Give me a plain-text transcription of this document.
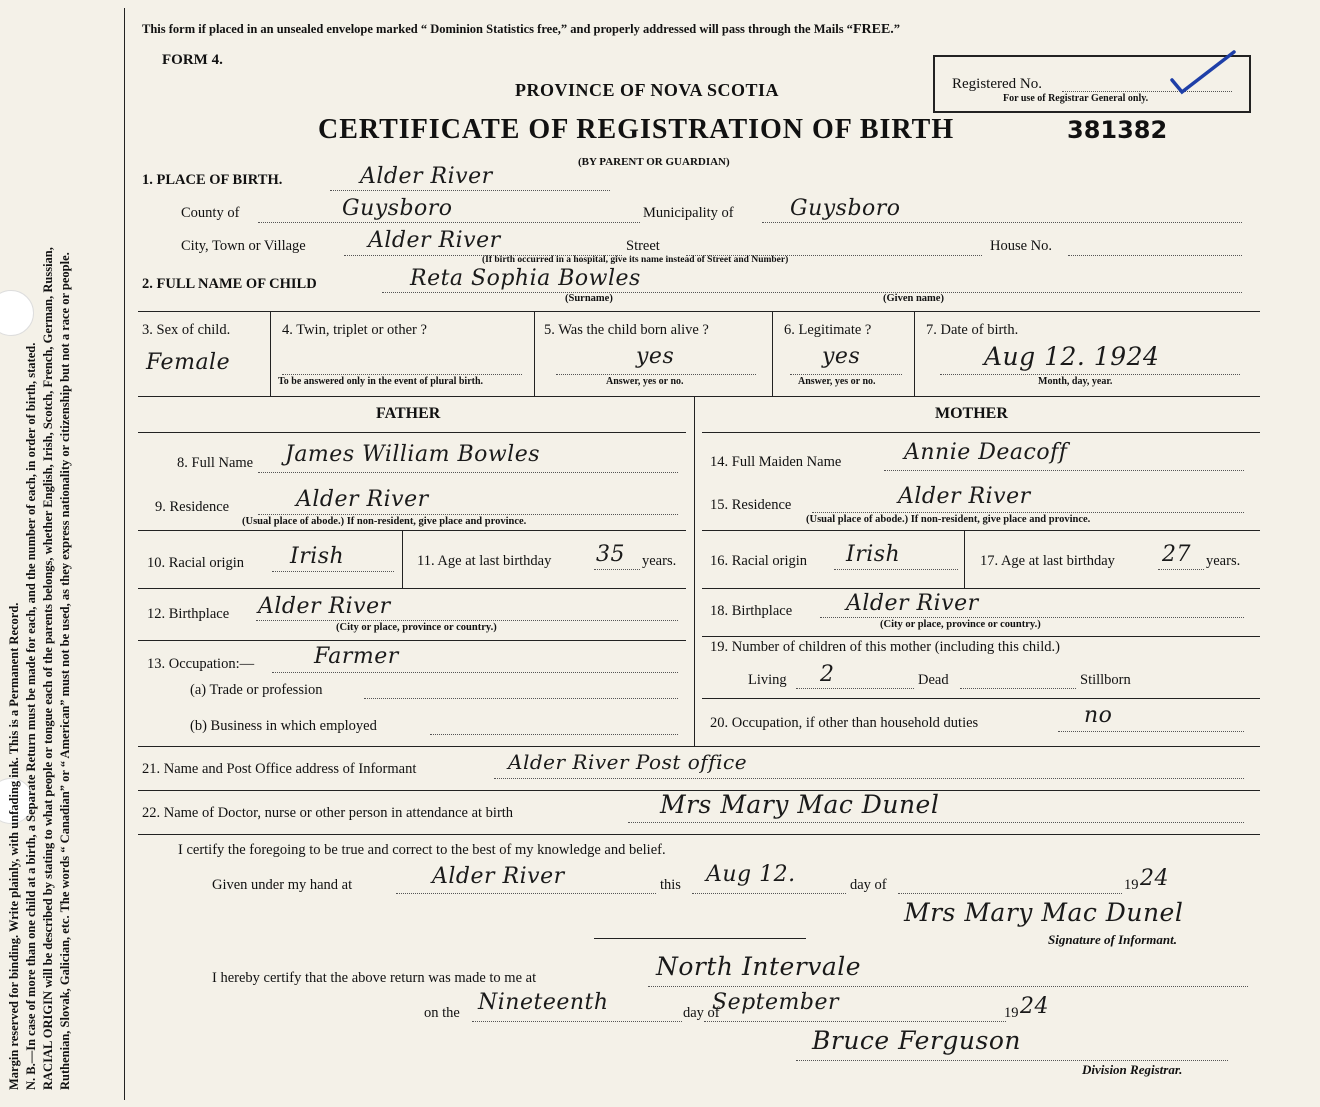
Margin reserved for binding. Write plainly, with unfading ink. This is a Permanent Record. N. B.—In case of more than one child at a birth, a Separate Return must be made for each, and the number of each, in order of birth, stated. RACIAL ORIGIN will be described by stating to what people or tongue each of the parents belongs, whether English, Irish, Scotch, French, German, Russian, Ruthenian, Slovak, Galician, etc. The words “ Canadian” or “ American” must not be used, as they express nationality or citizenship but not a race or people.
This form if placed in an unsealed envelope marked “ Dominion Statistics free,” and properly addressed will pass through the Mails “FREE.”
FORM 4.
PROVINCE OF NOVA SCOTIA
CERTIFICATE OF REGISTRATION OF BIRTH	381382
(BY PARENT OR GUARDIAN)
Registered No.
For use of Registrar General only.
1. PLACE OF BIRTH.	Alder River
County of	Guysboro	Municipality of	Guysboro
City, Town or Village	Alder River	Street	House No.
(If birth occurred in a hospital, give its name instead of Street and Number)
2. FULL NAME OF CHILD	Reta Sophia Bowles
(Surname)	(Given name)
3. Sex of child.
Female
4. Twin, triplet or other ?
To be answered only in the event of plural birth.
5. Was the child born alive ?
yes
Answer, yes or no.
6. Legitimate ?
yes
Answer, yes or no.
7. Date of birth.
Aug 12. 1924
Month, day, year.
FATHER	MOTHER
8. Full Name James William Bowles
9. Residence	Alder River
(Usual place of abode.) If non-resident, give place and province.
10. Racial origin Irish	11. Age at last birthday 35 years.
12. Birthplace Alder River
(City or place, province or country.)
13. Occupation:—	Farmer
(a) Trade or profession
(b) Business in which employed
14. Full Maiden Name	Annie Deacoff
15. Residence	Alder River
(Usual place of abode.) If non-resident, give place and province.
16. Racial origin Irish	17. Age at last birthday 27 years.
18. Birthplace Alder River
(City or place, province or country.)
19. Number of children of this mother (including this child.)
Living 2	Dead	Stillborn
20. Occupation, if other than household duties	no
21. Name and Post Office address of Informant	Alder River Post office
22. Name of Doctor, nurse or other person in attendance at birth	Mrs Mary Mac Dunel
I certify the foregoing to be true and correct to the best of my knowledge and belief.
Given under my hand at	Alder River	this Aug 12.	day of	19 24
Mrs Mary Mac Dunel
Signature of Informant.
I hereby certify that the above return was made to me at	North Intervale
on the Nineteenth	day of
September	19 24
Bruce Ferguson
Division Registrar.
